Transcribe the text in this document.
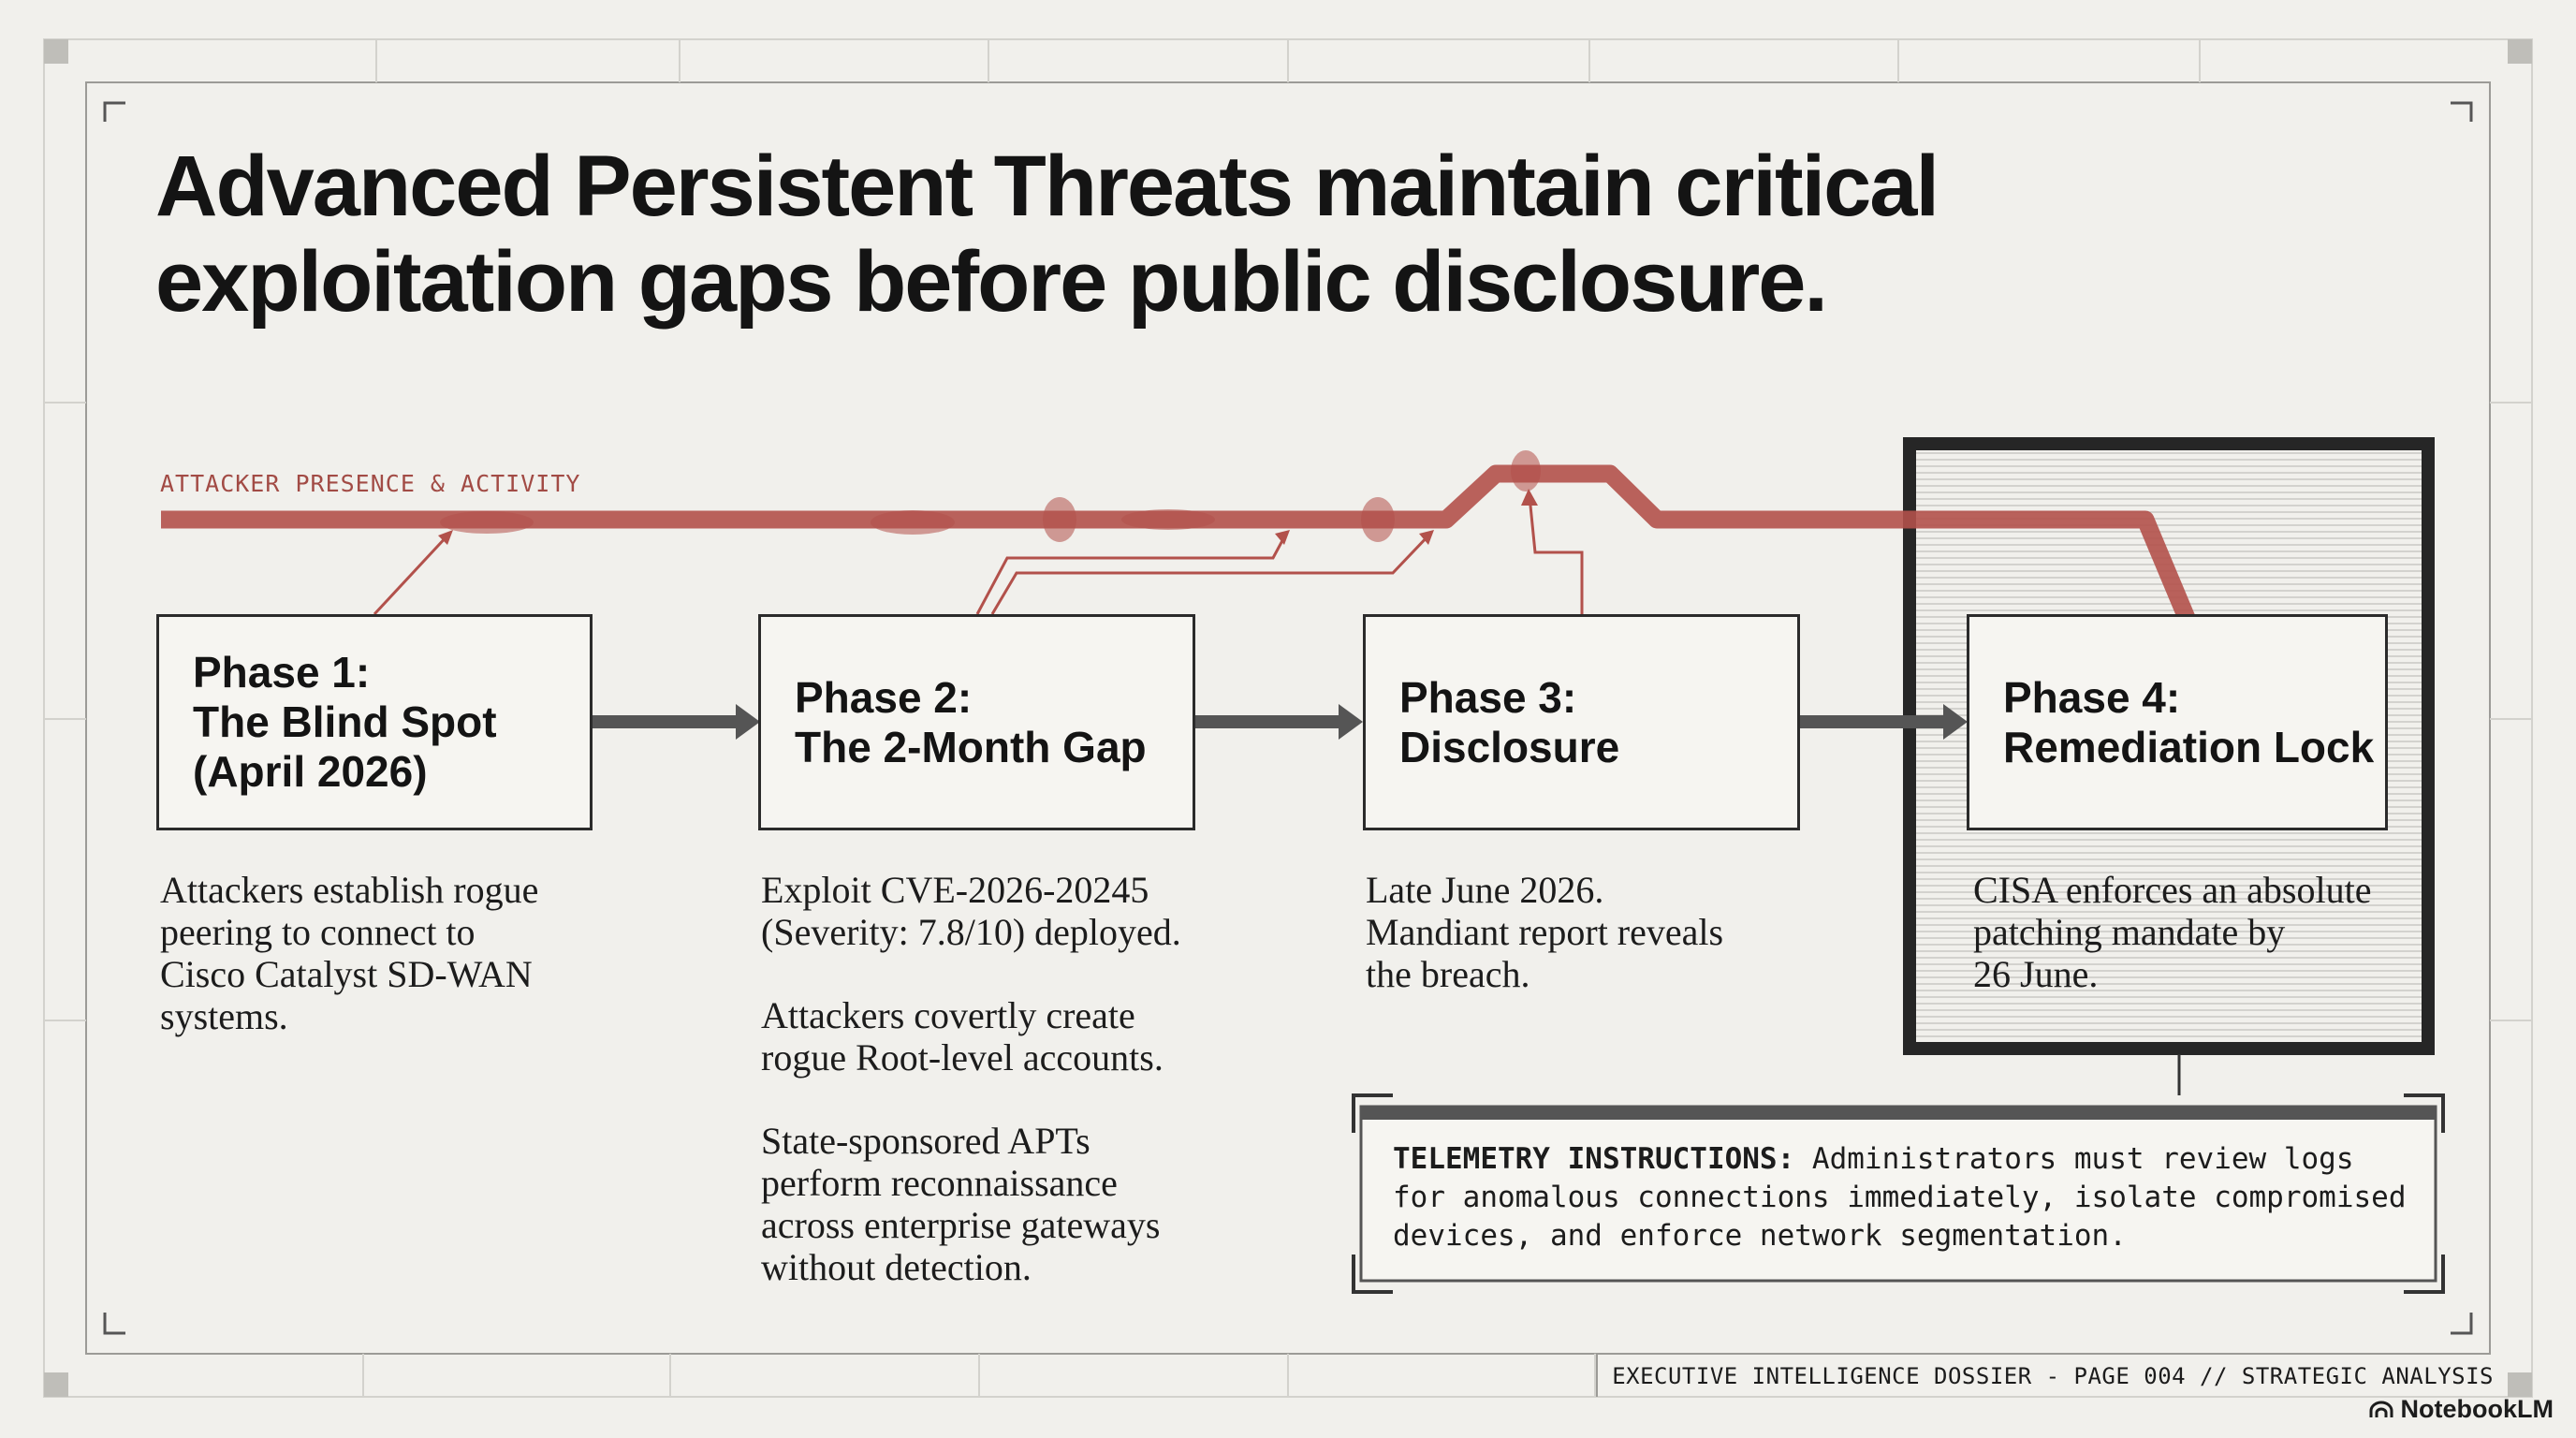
Advanced Persistent Threats maintain critical
exploitation gaps before public disclosure.
ATTACKER PRESENCE & ACTIVITY
Phase 1:
The Blind Spot
(April 2026)
Phase 2:
The 2-Month Gap
Phase 3:
Disclosure
Phase 4:
Remediation Lock

Attackers establish rogue
peering to connect to
Cisco Catalyst SD-WAN
systems.

Exploit CVE-2026-20245
(Severity: 7.8/10) deployed.

Attackers covertly create
rogue Root-level accounts.

State-sponsored APTs
perform reconnaissance
across enterprise gateways
without detection.

Late June 2026.
Mandiant report reveals
the breach.

CISA enforces an absolute
patching mandate by
26 June.

TELEMETRY INSTRUCTIONS: Administrators must review logs
for anomalous connections immediately, isolate compromised
devices, and enforce network segmentation.
EXECUTIVE INTELLIGENCE DOSSIER - PAGE 004 // STRATEGIC ANALYSIS
NotebookLM
